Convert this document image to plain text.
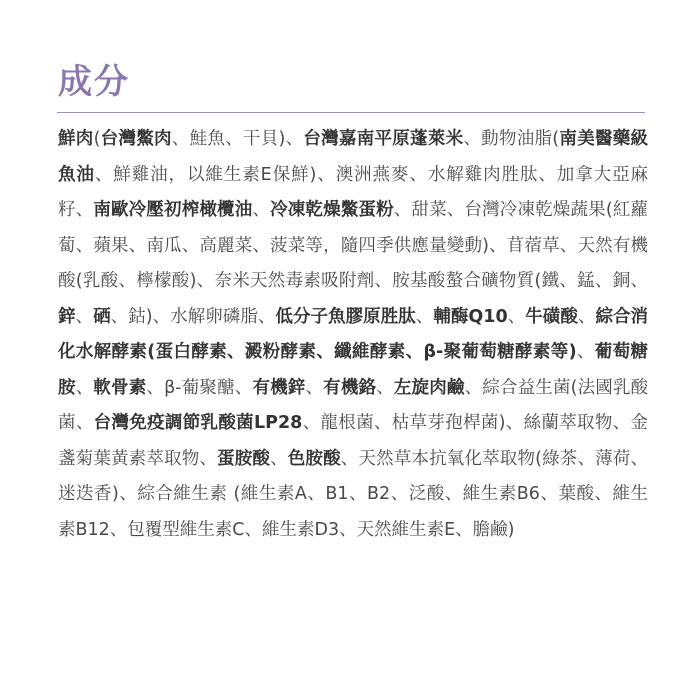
成分

鮮肉(台灣鱉肉、鮭魚、干貝)、台灣嘉南平原蓬萊米、動物油脂(南美醫藥級魚油、鮮雞油，以維生素E保鮮)、澳洲燕麥、水解雞肉胜肽、加拿大亞麻籽、南歐冷壓初榨橄欖油、冷凍乾燥鱉蛋粉、甜菜、台灣冷凍乾燥蔬果(紅蘿蔔、蘋果、南瓜、高麗菜、菠菜等，隨四季供應量變動)、苜蓿草、天然有機酸(乳酸、檸檬酸)、奈米天然毒素吸附劑、胺基酸螯合礦物質(鐵、錳、銅、鋅、硒、鈷)、水解卵磷脂、低分子魚膠原胜肽、輔酶Q10、牛磺酸、綜合消化水解酵素(蛋白酵素、澱粉酵素、纖維酵素、β-聚葡萄糖酵素等)、葡萄糖胺、軟骨素、β-葡聚醣、有機鋅、有機鉻、左旋肉鹼、綜合益生菌(法國乳酸菌、台灣免疫調節乳酸菌LP28、龍根菌、枯草芽孢桿菌)、絲蘭萃取物、金盞菊葉黃素萃取物、蛋胺酸、色胺酸、天然草本抗氧化萃取物(綠茶、薄荷、迷迭香)、綜合維生素 (維生素A、B1、B2、泛酸、維生素B6、葉酸、維生素B12、包覆型維生素C、維生素D3、天然維生素E、膽鹼)
